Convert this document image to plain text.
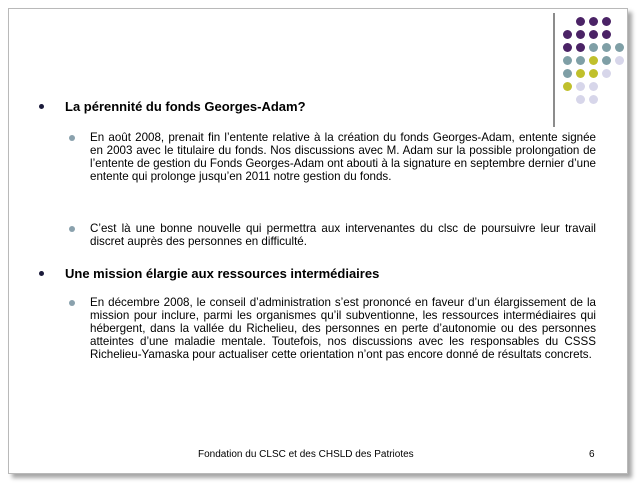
La pérennité du fonds Georges-Adam?
En août 2008, prenait fin l’entente relative à la création du fonds Georges-Adam, entente signée en 2003 avec le titulaire du fonds. Nos discussions avec M. Adam sur la possible prolongation de l’entente de gestion du Fonds Georges-Adam ont abouti à la signature en septembre dernier d’une entente qui prolonge jusqu’en 2011 notre gestion du fonds.
C’est là une bonne nouvelle qui permettra aux intervenantes du clsc de poursuivre leur travail discret auprès des personnes en difficulté.
Une mission élargie aux ressources intermédiaires
En décembre 2008, le conseil d’administration s’est prononcé en faveur d’un élargissement de la mission pour inclure, parmi les organismes qu’il subventionne, les ressources intermédiaires qui hébergent, dans la vallée du Richelieu, des personnes en perte d’autonomie ou des personnes atteintes d’une maladie mentale. Toutefois, nos discussions avec les responsables du CSSS Richelieu-Yamaska pour actualiser cette orientation n’ont pas encore donné de résultats concrets.
Fondation du CLSC et des CHSLD des Patriotes	6
